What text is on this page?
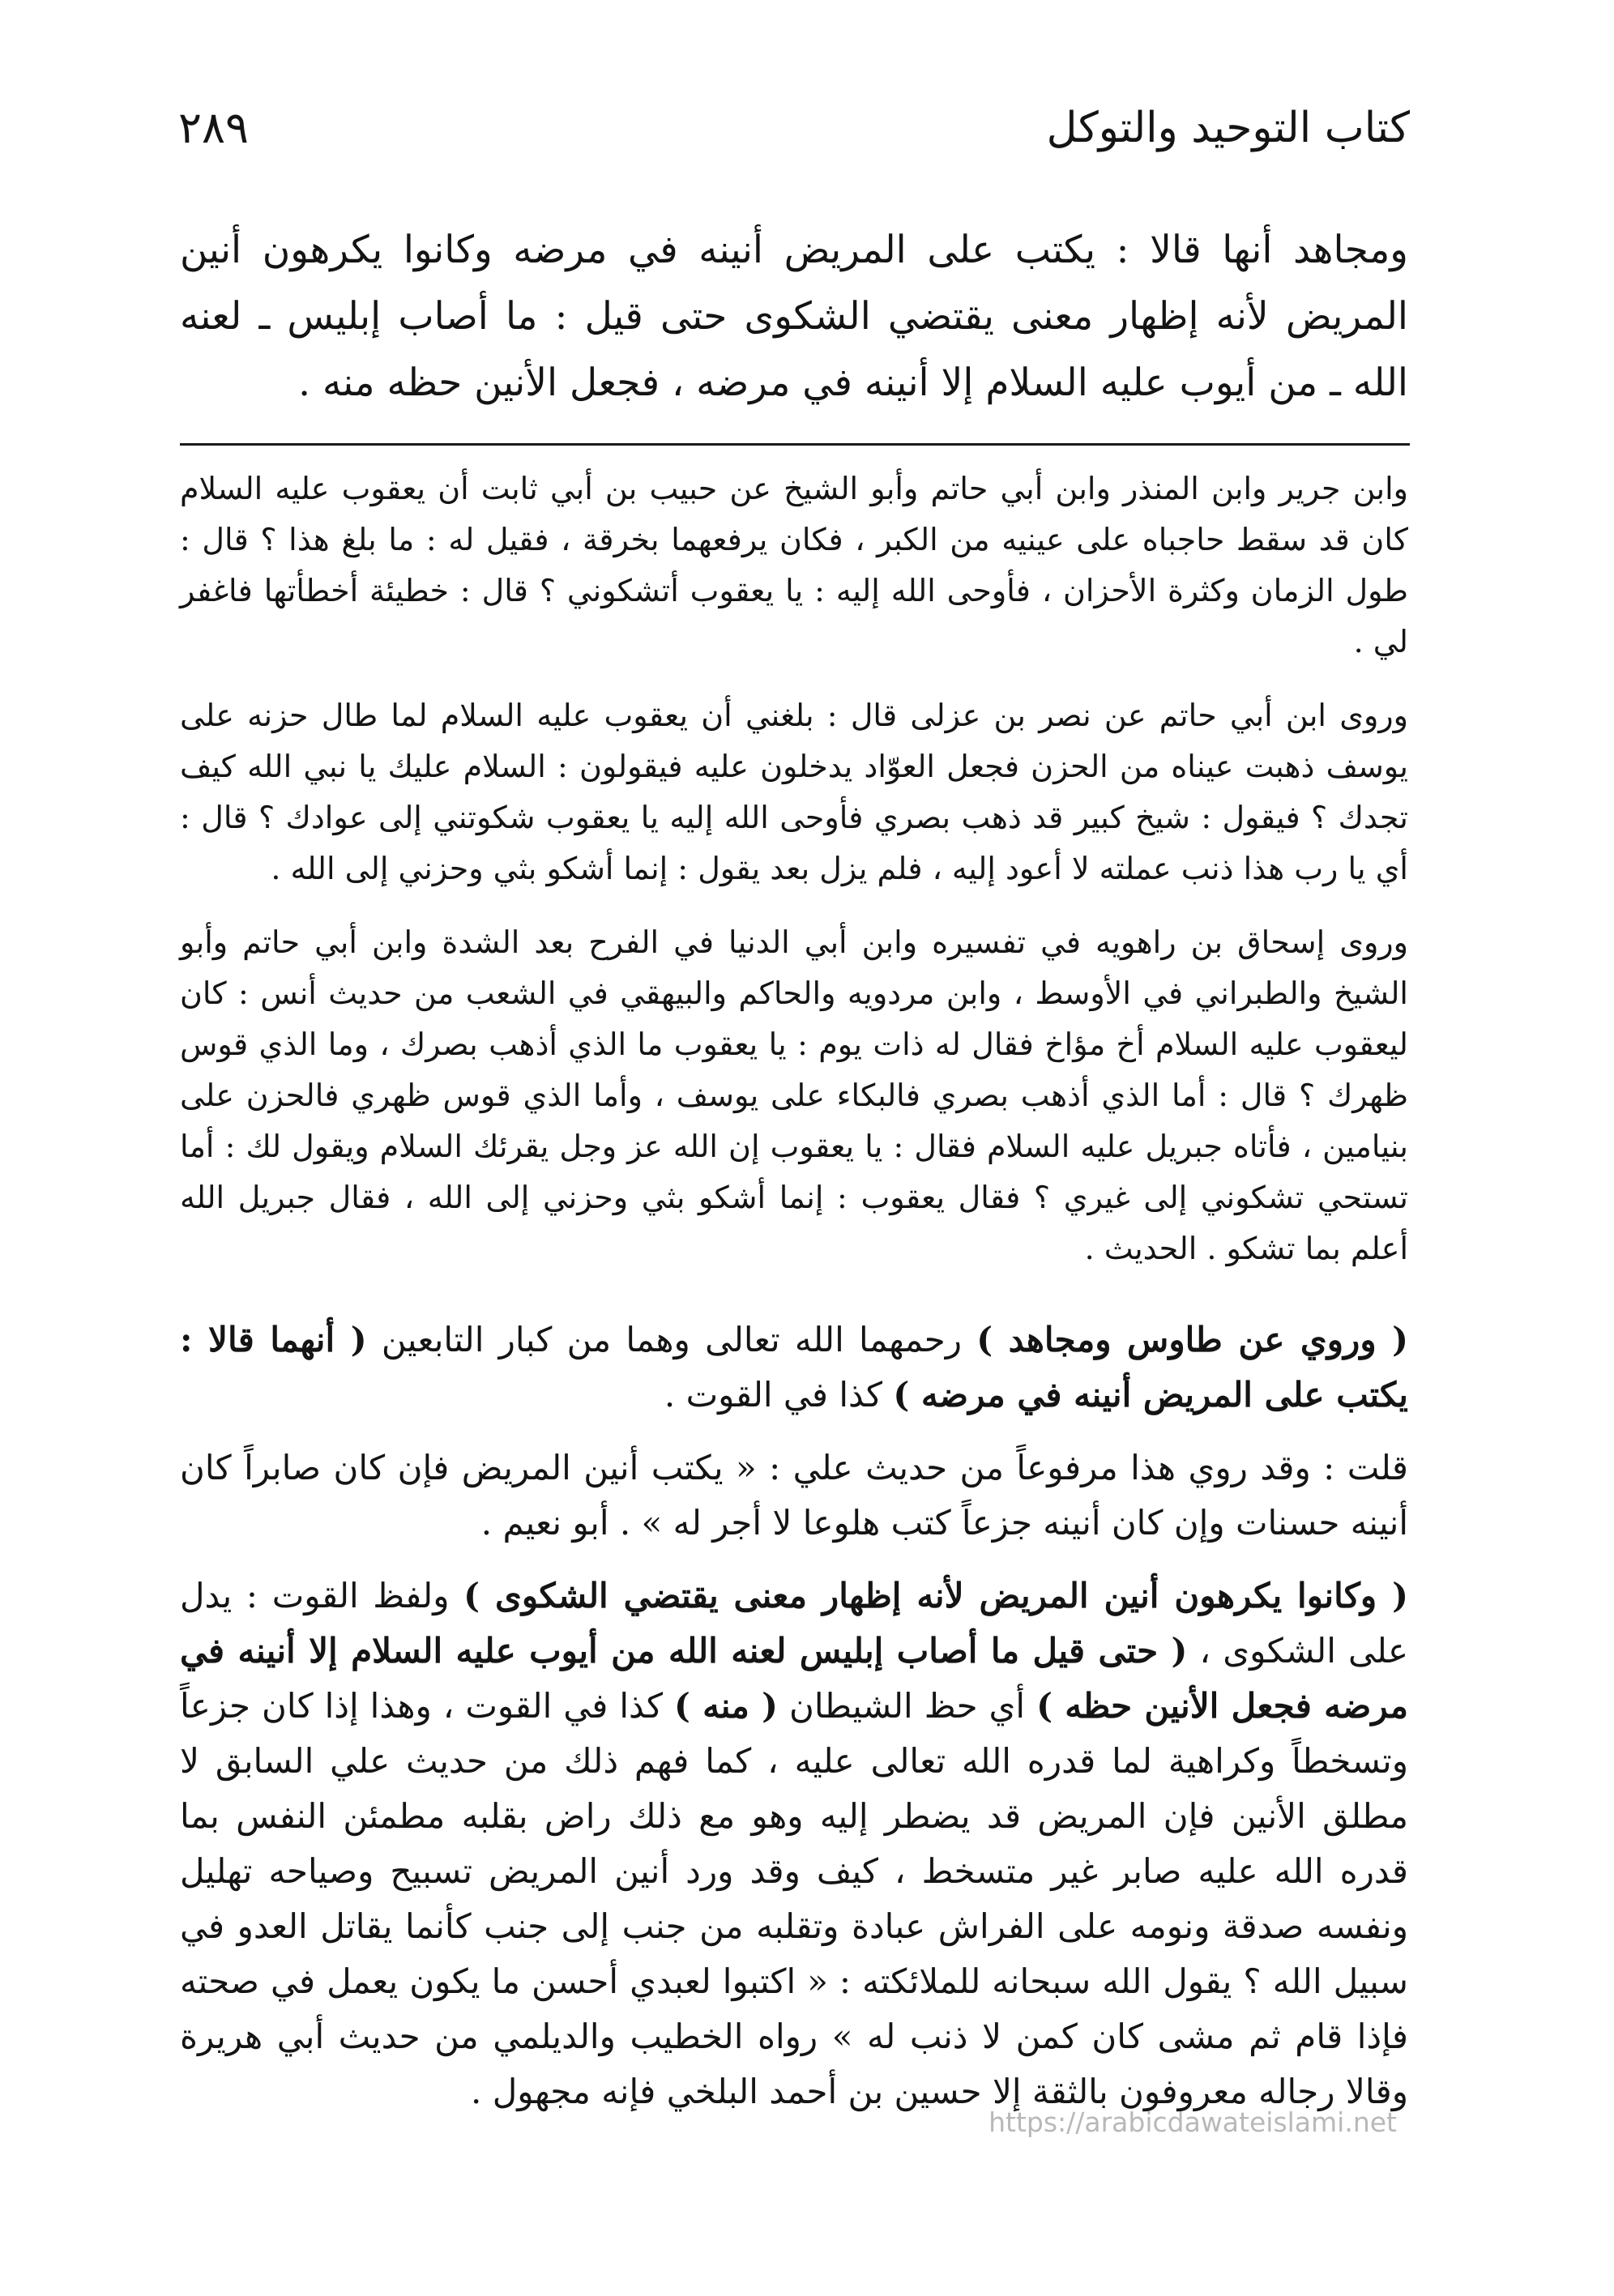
كتاب التوحيد والتوكل
٢٨٩

ومجاهد أنها قالا : يكتب على المريض أنينه في مرضه وكانوا يكرهون أنين المريض لأنه إظهار معنى يقتضي الشكوى حتى قيل : ما أصاب إبليس ـ لعنه الله ـ من أيوب عليه السلام إلا أنينه في مرضه ، فجعل الأنين حظه منه .

وابن جرير وابن المنذر وابن أبي حاتم وأبو الشيخ عن حبيب بن أبي ثابت أن يعقوب عليه السلام كان قد سقط حاجباه على عينيه من الكبر ، فكان يرفعهما بخرقة ، فقيل له : ما بلغ هذا ؟ قال : طول الزمان وكثرة الأحزان ، فأوحى الله إليه : يا يعقوب أتشكوني ؟ قال : خطيئة أخطأتها فاغفر لي .

وروى ابن أبي حاتم عن نصر بن عزلى قال : بلغني أن يعقوب عليه السلام لما طال حزنه على يوسف ذهبت عيناه من الحزن فجعل العوّاد يدخلون عليه فيقولون : السلام عليك يا نبي الله كيف تجدك ؟ فيقول : شيخ كبير قد ذهب بصري فأوحى الله إليه يا يعقوب شكوتني إلى عوادك ؟ قال : أي يا رب هذا ذنب عملته لا أعود إليه ، فلم يزل بعد يقول : إنما أشكو بثي وحزني إلى الله .

وروى إسحاق بن راهويه في تفسيره وابن أبي الدنيا في الفرح بعد الشدة وابن أبي حاتم وأبو الشيخ والطبراني في الأوسط ، وابن مردويه والحاكم والبيهقي في الشعب من حديث أنس : كان ليعقوب عليه السلام أخ مؤاخ فقال له ذات يوم : يا يعقوب ما الذي أذهب بصرك ، وما الذي قوس ظهرك ؟ قال : أما الذي أذهب بصري فالبكاء على يوسف ، وأما الذي قوس ظهري فالحزن على بنيامين ، فأتاه جبريل عليه السلام فقال : يا يعقوب إن الله عز وجل يقرئك السلام ويقول لك : أما تستحي تشكوني إلى غيري ؟ فقال يعقوب : إنما أشكو بثي وحزني إلى الله ، فقال جبريل الله أعلم بما تشكو . الحديث .

( وروي عن طاوس ومجاهد ) رحمهما الله تعالى وهما من كبار التابعين ( أنهما قالا : يكتب على المريض أنينه في مرضه ) كذا في القوت .

قلت : وقد روي هذا مرفوعاً من حديث علي : « يكتب أنين المريض فإن كان صابراً كان أنينه حسنات وإن كان أنينه جزعاً كتب هلوعا لا أجر له » . أبو نعيم .

( وكانوا يكرهون أنين المريض لأنه إظهار معنى يقتضي الشكوى ) ولفظ القوت : يدل على الشكوى ، ( حتى قيل ما أصاب إبليس لعنه الله من أيوب عليه السلام إلا أنينه في مرضه فجعل الأنين حظه ) أي حظ الشيطان ( منه ) كذا في القوت ، وهذا إذا كان جزعاً وتسخطاً وكراهية لما قدره الله تعالى عليه ، كما فهم ذلك من حديث علي السابق لا مطلق الأنين فإن المريض قد يضطر إليه وهو مع ذلك راض بقلبه مطمئن النفس بما قدره الله عليه صابر غير متسخط ، كيف وقد ورد أنين المريض تسبيح وصياحه تهليل ونفسه صدقة ونومه على الفراش عبادة وتقلبه من جنب إلى جنب كأنما يقاتل العدو في سبيل الله ؟ يقول الله سبحانه للملائكته : « اكتبوا لعبدي أحسن ما يكون يعمل في صحته فإذا قام ثم مشى كان كمن لا ذنب له » رواه الخطيب والديلمي من حديث أبي هريرة وقالا رجاله معروفون بالثقة إلا حسين بن أحمد البلخي فإنه مجهول .

https://arabicdawateislami.net
